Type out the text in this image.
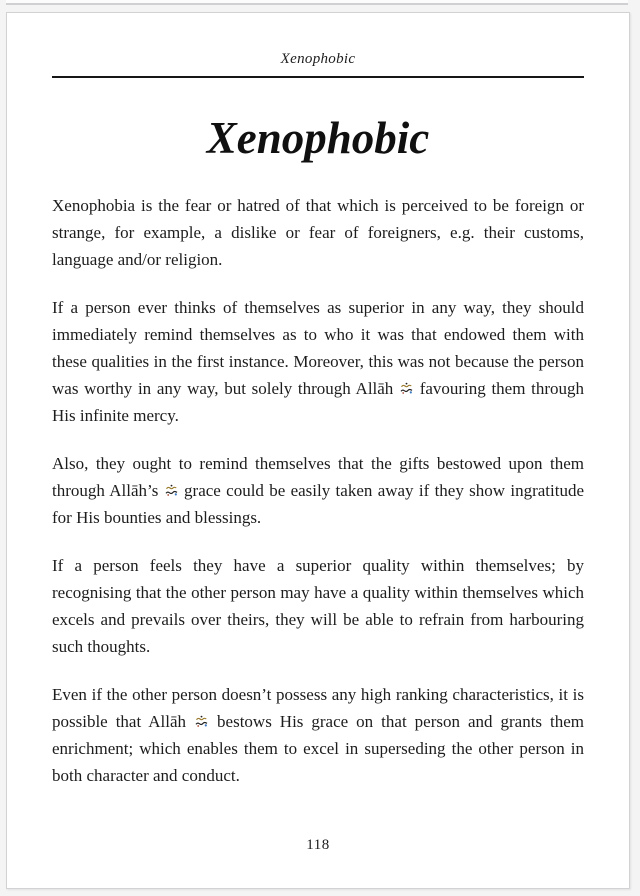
Xenophobic
Xenophobic

Xenophobia is the fear or hatred of that which is perceived to be foreign or strange, for example, a dislike or fear of foreigners, e.g. their customs, language and/or religion.

If a person ever thinks of themselves as superior in any way, they should immediately remind themselves as to who it was that endowed them with these qualities in the first instance. Moreover, this was not because the person was worthy in any way, but solely through Allāh favouring them through His infinite mercy.

Also, they ought to remind themselves that the gifts bestowed upon them through Allāh’s grace could be easily taken away if they show ingratitude for His bounties and blessings.

If a person feels they have a superior quality within themselves; by recognising that the other person may have a quality within themselves which excels and prevails over theirs, they will be able to refrain from harbouring such thoughts.

Even if the other person doesn’t possess any high ranking characteristics, it is possible that Allāh bestows His grace on that person and grants them enrichment; which enables them to excel in superseding the other person in both character and conduct.

118
